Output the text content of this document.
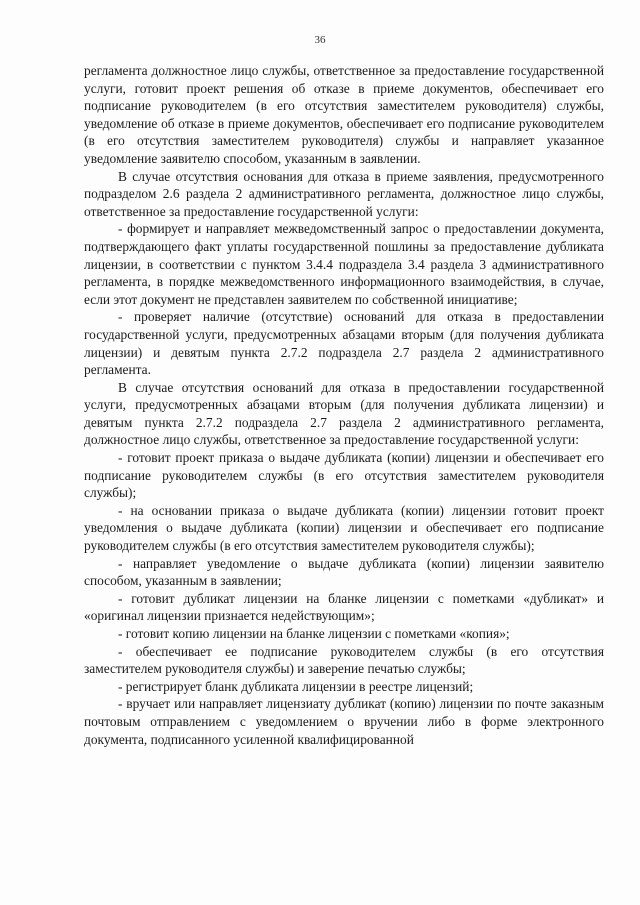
36

регламента должностное лицо службы, ответственное за предоставление государственной услуги, готовит проект решения об отказе в приеме документов, обеспечивает его подписание руководителем (в его отсутствия заместителем руководителя) службы, уведомление об отказе в приеме документов, обеспечивает его подписание руководителем (в его отсутствия заместителем руководителя) службы и направляет указанное уведомление заявителю способом, указанным в заявлении.

В случае отсутствия основания для отказа в приеме заявления, предусмотренного подразделом 2.6 раздела 2 административного регламента, должностное лицо службы, ответственное за предоставление государственной услуги:

- формирует и направляет межведомственный запрос о предоставлении документа, подтверждающего факт уплаты государственной пошлины за предоставление дубликата лицензии, в соответствии с пунктом 3.4.4 подраздела 3.4 раздела 3 административного регламента, в порядке межведомственного информационного взаимодействия, в случае, если этот документ не представлен заявителем по собственной инициативе;

- проверяет наличие (отсутствие) оснований для отказа в предоставлении государственной услуги, предусмотренных абзацами вторым (для получения дубликата лицензии) и девятым пункта 2.7.2 подраздела 2.7 раздела 2 административного регламента.

В случае отсутствия оснований для отказа в предоставлении государственной услуги, предусмотренных абзацами вторым (для получения дубликата лицензии) и девятым пункта 2.7.2 подраздела 2.7 раздела 2 административного регламента, должностное лицо службы, ответственное за предоставление государственной услуги:

- готовит проект приказа о выдаче дубликата (копии) лицензии и обеспечивает его подписание руководителем службы (в его отсутствия заместителем руководителя службы);

- на основании приказа о выдаче дубликата (копии) лицензии готовит проект уведомления о выдаче дубликата (копии) лицензии и обеспечивает его подписание руководителем службы (в его отсутствия заместителем руководителя службы);

- направляет уведомление о выдаче дубликата (копии) лицензии заявителю способом, указанным в заявлении;

- готовит дубликат лицензии на бланке лицензии с пометками «дубликат» и «оригинал лицензии признается недействующим»;

- готовит копию лицензии на бланке лицензии с пометками «копия»;

- обеспечивает ее подписание руководителем службы (в его отсутствия заместителем руководителя службы) и заверение печатью службы;

- регистрирует бланк дубликата лицензии в реестре лицензий;

- вручает или направляет лицензиату дубликат (копию) лицензии по почте заказным почтовым отправлением с уведомлением о вручении либо в форме электронного документа, подписанного усиленной квалифицированной
